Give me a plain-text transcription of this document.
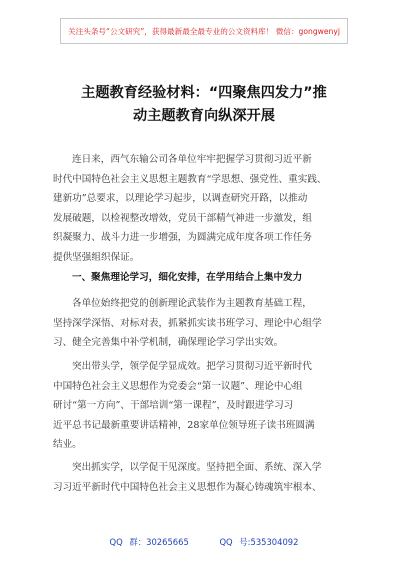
关注头条号“公文研究”，获得最新最全最专业的公文资料库！ 微信：gongwenyj
主题教育经验材料：“四聚焦四发力”推
动主题教育向纵深开展
连日来，西气东输公司各单位牢牢把握学习贯彻习近平新
时代中国特色社会主义思想主题教育“学思想、强党性、重实践、
建新功”总要求，以理论学习起步，以调查研究开路，以推动
发展破题，以检视整改增效，党员干部精气神进一步激发，组
织凝聚力、战斗力进一步增强，为圆满完成年度各项工作任务
提供坚强组织保证。
一、聚焦理论学习，细化安排，在学用结合上集中发力
各单位始终把党的创新理论武装作为主题教育基础工程，
坚持深学深悟、对标对表，抓紧抓实读书班学习、理论中心组学
习、健全完善集中补学机制，确保理论学习学出实效。
突出带头学，领学促学显成效。把学习贯彻习近平新时代
中国特色社会主义思想作为党委会“第一议题”、理论中心组
研讨“第一方向”、干部培训“第一课程”，及时跟进学习习
近平总书记最新重要讲话精神，28家单位领导班子读书班圆满
结业。
突出抓实学，以学促干见深度。坚持把全面、系统、深入学
习习近平新时代中国特色社会主义思想作为凝心铸魂筑牢根本、
QQ 群：30265665	QQ 号:535304092
